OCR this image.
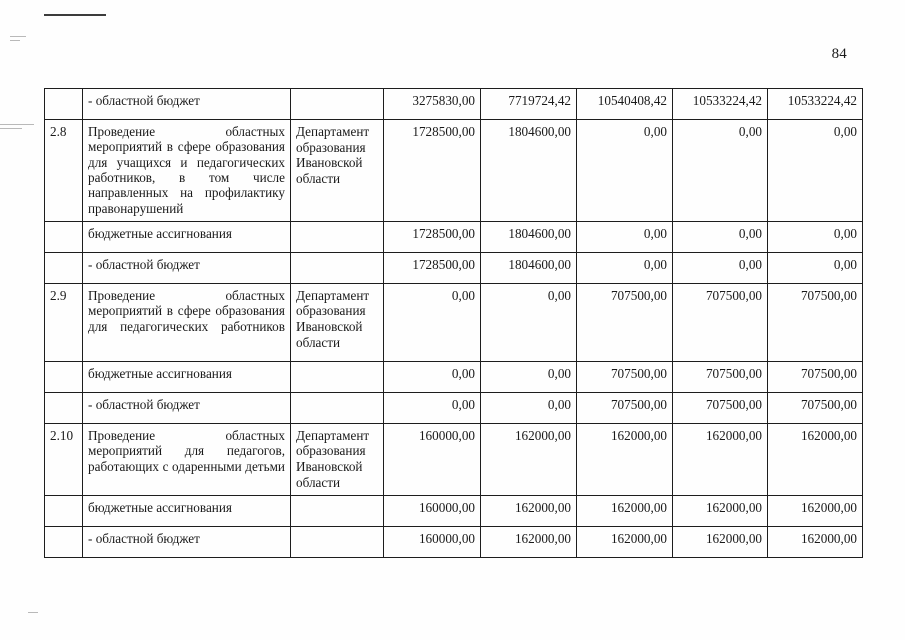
84
	- областной бюджет		3275830,00	7719724,42	10540408,42	10533224,42	10533224,42
2.8	Проведение областных мероприятий в сфере образования для учащихся и педагогических работников, в том числе направленных на профилактику правонарушений	Департамент образования Ивановской области	1728500,00	1804600,00	0,00	0,00	0,00
	бюджетные ассигнования		1728500,00	1804600,00	0,00	0,00	0,00
	- областной бюджет		1728500,00	1804600,00	0,00	0,00	0,00
2.9	Проведение областных мероприятий в сфере образования для педагогических работников	Департамент образования Ивановской области	0,00	0,00	707500,00	707500,00	707500,00
	бюджетные ассигнования		0,00	0,00	707500,00	707500,00	707500,00
	- областной бюджет		0,00	0,00	707500,00	707500,00	707500,00
2.10	Проведение областных мероприятий для педагогов, работающих с одаренными детьми	Департамент образования Ивановской области	160000,00	162000,00	162000,00	162000,00	162000,00
	бюджетные ассигнования		160000,00	162000,00	162000,00	162000,00	162000,00
	- областной бюджет		160000,00	162000,00	162000,00	162000,00	162000,00
